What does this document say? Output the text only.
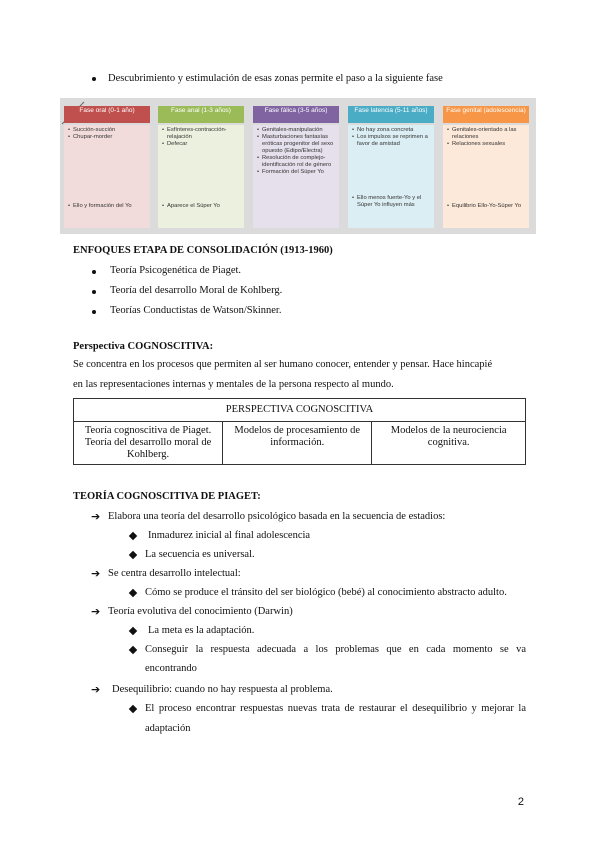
Descubrimiento y estimulación de esas zonas permite el paso a la siguiente fase
Fase oral (0-1 año)
• Succión-succión
• Chupar-morder
• Ello y formación del Yo
Fase anal (1-3 años)
• Esfínteres-contracción-relajación
• Defecar
• Aparece el Súper Yo
Fase fálica (3-5 años)
• Genitales-manipulación
• Masturbaciones fantasías eróticas progenitor del sexo opuesto (Edipo/Electra)
• Resolución de complejo-identificación rol de género
• Formación del Súper Yo
Fase latencia (5-11 años)
• No hay zona concreta
• Los impulsos se reprimen a favor de amistad
• Ello menos fuerte-Yo y el Súper Yo influyen más
Fase genital (adolescencia)
• Genitales-orientado a las relaciones
• Relaciones sexuales
• Equilibrio Ello-Yo-Súper Yo
ENFOQUES ETAPA DE CONSOLIDACIÓN (1913-1960)
Teoría Psicogenética de Piaget.
Teoría del desarrollo Moral de Kohlberg.
Teorías Conductistas de Watson/Skinner.
Perspectiva COGNOSCITIVA:
Se concentra en los procesos que permiten al ser humano conocer, entender y pensar. Hace hincapié
en las representaciones internas y mentales de la persona respecto al mundo.
PERSPECTIVA COGNOSCITIVA
Teoría cognoscitiva de Piaget. Teoría del desarrollo moral de Kohlberg.	Modelos de procesamiento de información.	Modelos de la neurociencia cognitiva.
TEORÍA COGNOSCITIVA DE PIAGET:
➔ Elabora una teoría del desarrollo psicológico basada en la secuencia de estadios:
Inmadurez inicial al final adolescencia
La secuencia es universal.
➔ Se centra desarrollo intelectual:
Cómo se produce el tránsito del ser biológico (bebé) al conocimiento abstracto adulto.
➔ Teoría evolutiva del conocimiento (Darwin)
La meta es la adaptación.
Conseguir la respuesta adecuada a los problemas que en cada momento se va
encontrando
➔ Desequilibrio: cuando no hay respuesta al problema.
El proceso encontrar respuestas nuevas trata de restaurar el desequilibrio y mejorar la
adaptación
2
